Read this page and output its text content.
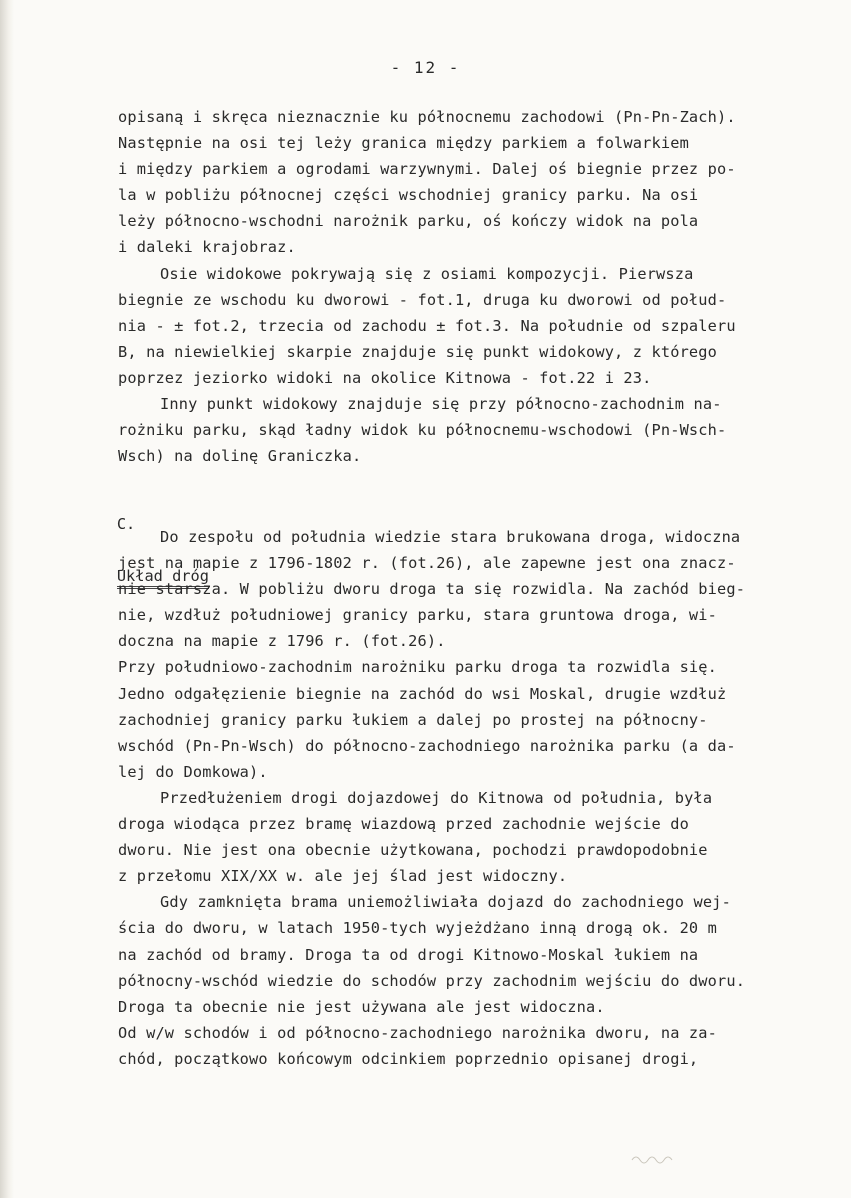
- 12 -
opisaną i skręca nieznacznie ku północnemu zachodowi (Pn-Pn-Zach).
Następnie na osi tej leży granica między parkiem a folwarkiem
i między parkiem a ogrodami warzywnymi. Dalej oś biegnie przez po-
la w pobliżu północnej części wschodniej granicy parku. Na osi
leży północno-wschodni narożnik parku, oś kończy widok na pola
i daleki krajobraz.
Osie widokowe pokrywają się z osiami kompozycji. Pierwsza
biegnie ze wschodu ku dworowi - fot.1, druga ku dworowi od połud-
nia - ± fot.2, trzecia od zachodu ± fot.3. Na południe od szpaleru
B, na niewielkiej skarpie znajduje się punkt widokowy, z którego
poprzez jeziorko widoki na okolice Kitnowa - fot.22 i 23.
Inny punkt widokowy znajduje się przy północno-zachodnim na-
rożniku parku, skąd ładny widok ku północnemu-wschodowi (Pn-Wsch-
Wsch) na dolinę Graniczka.

C.

Układ dróg

Do zespołu od południa wiedzie stara brukowana droga, widoczna
jest na mapie z 1796-1802 r. (fot.26), ale zapewne jest ona znacz-
nie starsza. W pobliżu dworu droga ta się rozwidla. Na zachód bieg-
nie, wzdłuż południowej granicy parku, stara gruntowa droga, wi-
doczna na mapie z 1796 r. (fot.26).
Przy południowo-zachodnim narożniku parku droga ta rozwidla się.
Jedno odgałęzienie biegnie na zachód do wsi Moskal, drugie wzdłuż
zachodniej granicy parku łukiem a dalej po prostej na północny-
wschód (Pn-Pn-Wsch) do północno-zachodniego narożnika parku (a da-
lej do Domkowa).
Przedłużeniem drogi dojazdowej do Kitnowa od południa, była
droga wiodąca przez bramę wiazdową przed zachodnie wejście do
dworu. Nie jest ona obecnie użytkowana, pochodzi prawdopodobnie
z przełomu XIX/XX w. ale jej ślad jest widoczny.
Gdy zamknięta brama uniemożliwiała dojazd do zachodniego wej-
ścia do dworu, w latach 1950-tych wyjeżdżano inną drogą ok. 20 m
na zachód od bramy. Droga ta od drogi Kitnowo-Moskal łukiem na
północny-wschód wiedzie do schodów przy zachodnim wejściu do dworu.
Droga ta obecnie nie jest używana ale jest widoczna.
Od w/w schodów i od północno-zachodniego narożnika dworu, na za-
chód, początkowo końcowym odcinkiem poprzednio opisanej drogi,
